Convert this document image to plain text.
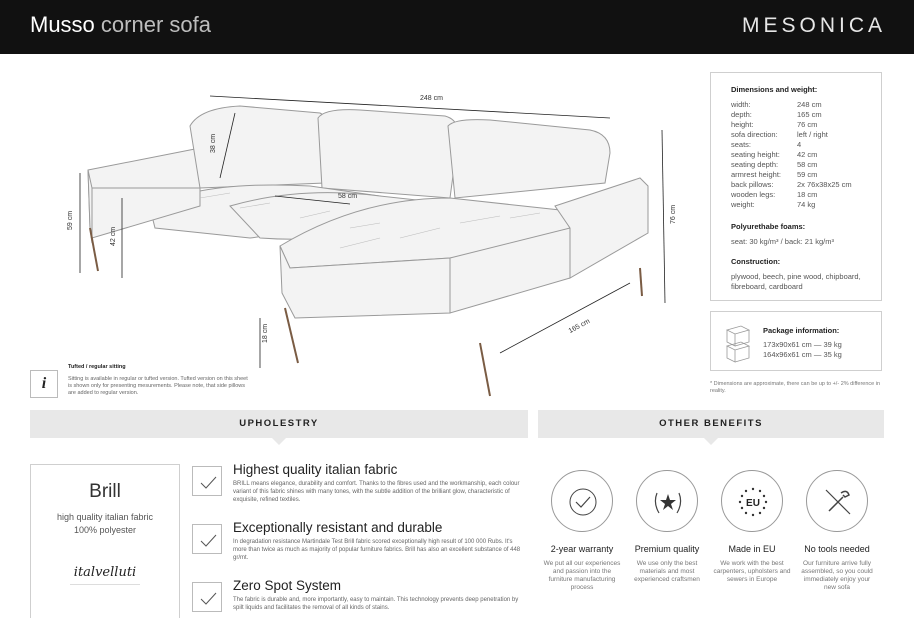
Musso corner sofa	MESONICA
248 cm
38 cm
58 cm
59 cm
42 cm
76 cm
18 cm	165 cm
i
Tufted / regular sitting
Sitting is available in regular or tufted version. Tufted version on this sheet is shown only for presenting mesurements. Please note, that side pillows are added to regular version.
Dimensions and weight:
width:	248 cm
depth:	165 cm
height:	76 cm
sofa direction:	left / right
seats:	4
seating height:	42 cm
seating depth:	58 cm
armrest height:	59 cm
back pillows:	2x 76x38x25 cm
wooden legs:	18 cm
weight:	74 kg
Polyurethabe foams:
seat: 30 kg/m³ / back: 21 kg/m³
Construction:
plywood, beech, pine wood, chipboard, fibreboard, cardboard
Package information:
173x90x61 cm — 39 kg
164x96x61 cm — 35 kg
* Dimensions are approximate, there can be up to +/- 2% difference in reality.
UPHOLESTRY	OTHER BENEFITS
Brill
high quality italian fabric
100% polyester
italvelluti
Highest quality italian fabric

BRILL means elegance, durability and comfort. Thanks to the fibres used and the workmanship, each colour variant of this fabric shines with many tones, with the subtle addition of the brilliant glow, characteristic of exquisite, refined textiles.

Exceptionally resistant and durable

In degradation resistance Martindale Test Brill fabric scored exceptionally high result of 100 000 Rubs. It's more than twice as much as majority of popular furniture fabrics. Brill has also an excellent substance of 448 gr/mt.

Zero Spot System

The fabric is durable and, more importantly, easy to maintain. This technology prevents deep penetration by spilt liquids and facilitates the removal of all kinds of stains.

2-year warranty
We put all our experiences and passion into the furniture manufacturing process
Premium quality
We use only the best materials and most experienced craftsmen
EU
Made in EU
We work with the best carpenters, upholsters and sewers in Europe
No tools needed
Our furniture arrive fully assembled, so you could immediately enjoy your new sofa
